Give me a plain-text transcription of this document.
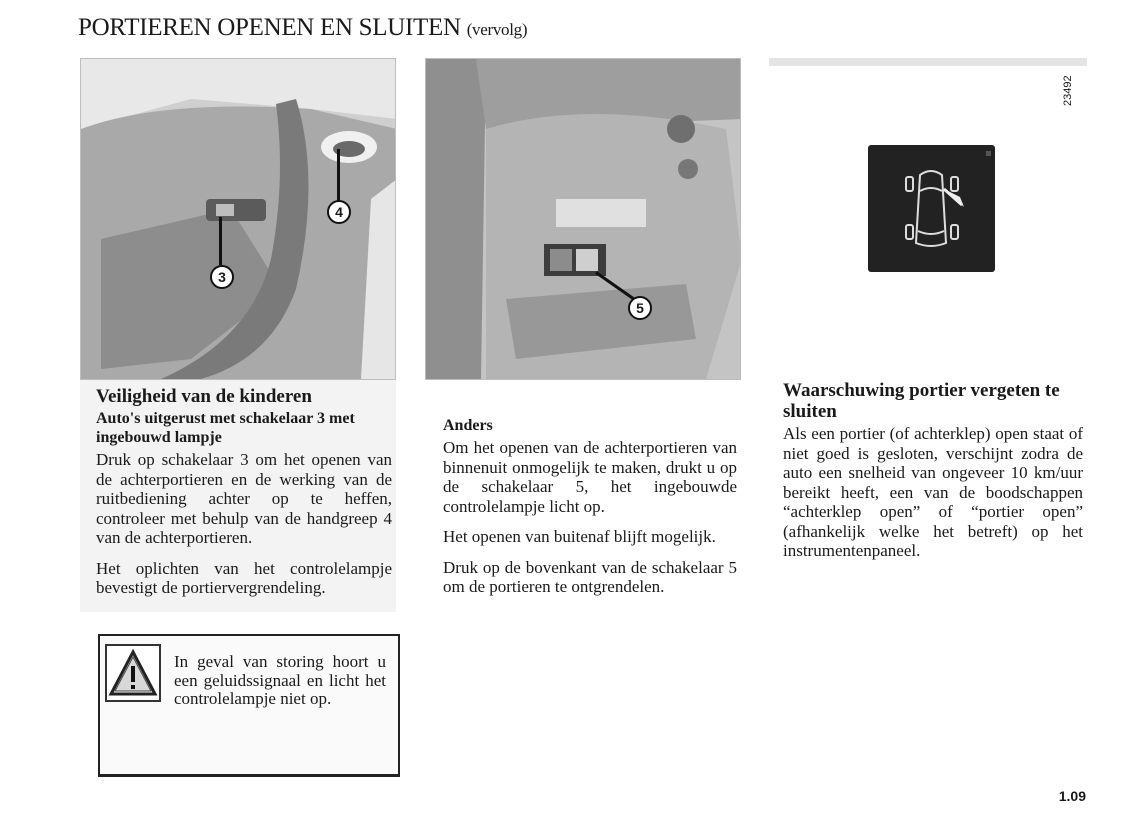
PORTIEREN OPENEN EN SLUITEN (vervolg)
3
4
Veiligheid van de kinderen
Auto's uitgerust met schakelaar 3 met ingebouwd lampje

Druk op schakelaar 3 om het openen van de achterportieren en de werking van de ruitbediening achter op te heffen, controleer met behulp van de handgreep 4 van de achterportieren.

Het oplichten van het controlelampje bevestigt de portiervergrendeling.

In geval van storing hoort u een geluidssignaal en licht het controlelampje niet op.
5
Anders

Om het openen van de achterportieren van binnenuit onmogelijk te maken, drukt u op de schakelaar 5, het ingebouwde controlelampje licht op.

Het openen van buitenaf blijft mogelijk.

Druk op de bovenkant van de schakelaar 5 om de portieren te ontgrendelen.

23492
Waarschuwing portier vergeten te sluiten

Als een portier (of achterklep) open staat of niet goed is gesloten, verschijnt zodra de auto een snelheid van ongeveer 10 km/uur bereikt heeft, een van de boodschappen “achterklep open” of “portier open” (afhankelijk welke het betreft) op het instrumentenpaneel.

1.09
